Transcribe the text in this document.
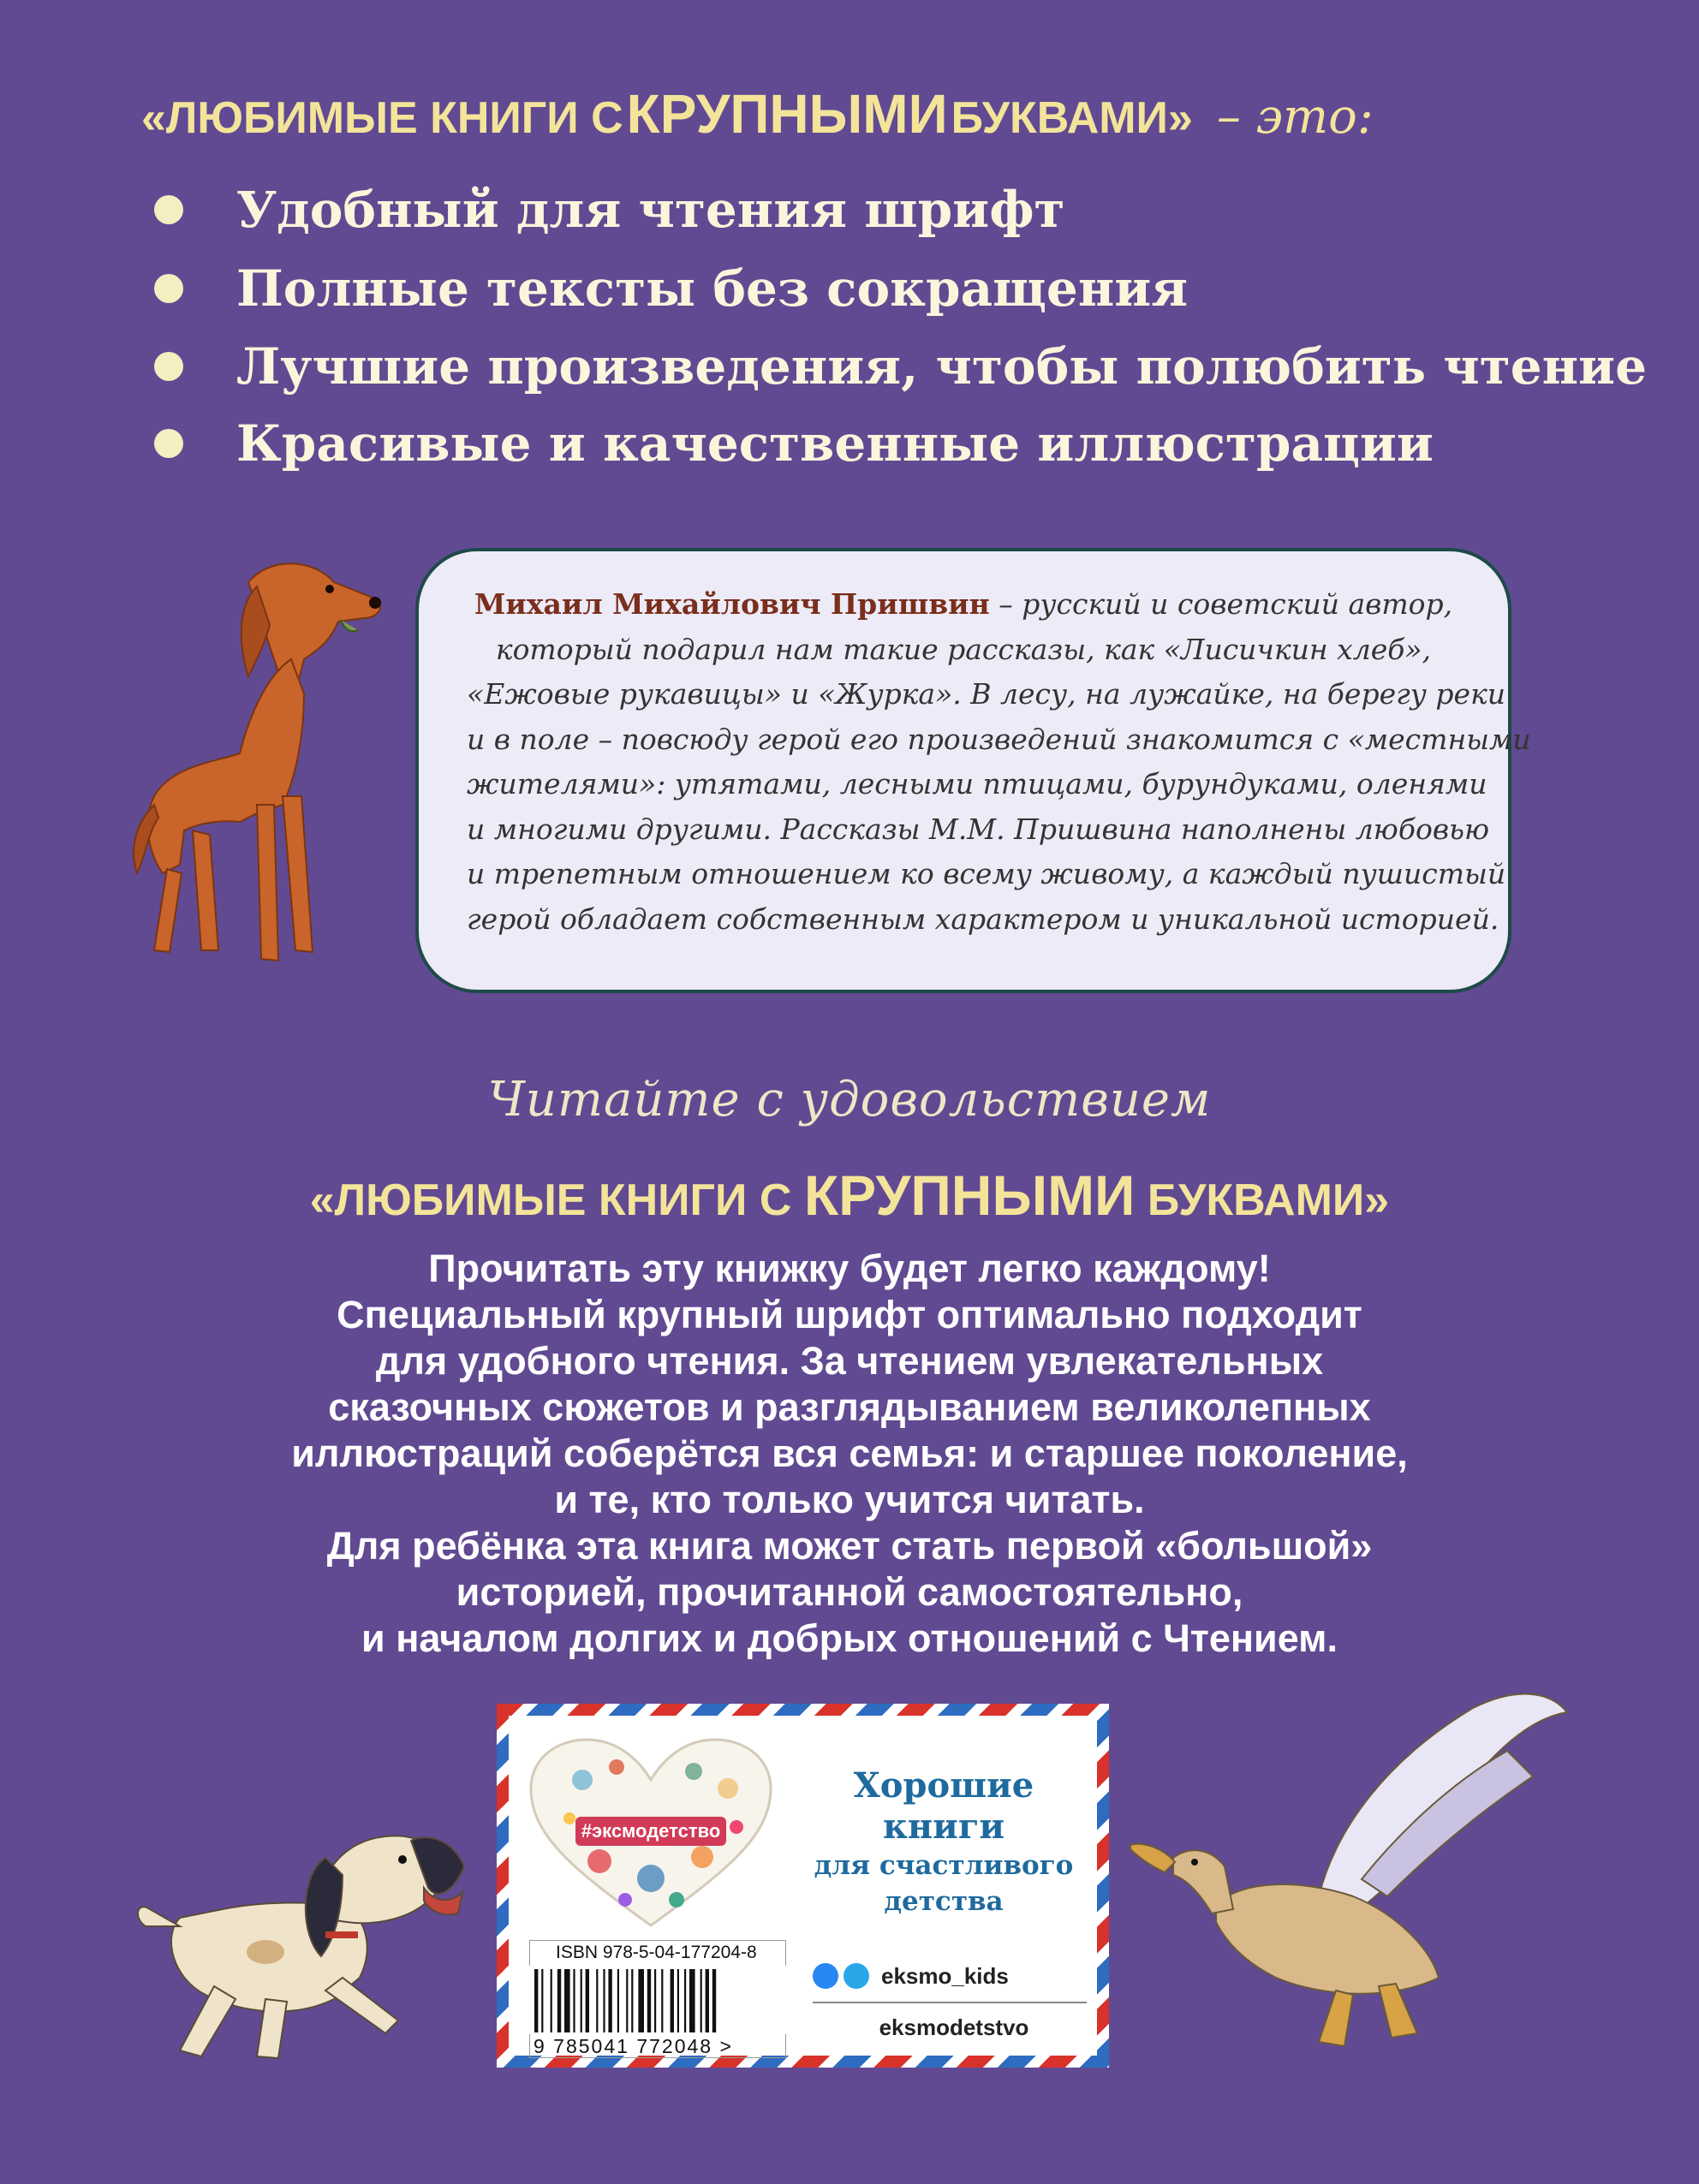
«ЛЮБИМЫЕ КНИГИ С КРУПНЫМИ БУКВАМИ» – это:
Удобный для чтения шрифт
Полные тексты без сокращения
Лучшие произведения, чтобы полюбить чтение
Красивые и качественные иллюстрации
Михаил Михайлович Пришвин – русский и советский автор,
который подарил нам такие рассказы, как «Лисичкин хлеб»,
«Ежовые рукавицы» и «Журка». В лесу, на лужайке, на берегу реки
и в поле – повсюду герой его произведений знакомится с «местными
жителями»: утятами, лесными птицами, бурундуками, оленями
и многими другими. Рассказы М.М. Пришвина наполнены любовью
и трепетным отношением ко всему живому, а каждый пушистый
герой обладает собственным характером и уникальной историей.
Читайте с удовольствием
«ЛЮБИМЫЕ КНИГИ С КРУПНЫМИ БУКВАМИ»
Прочитать эту книжку будет легко каждому!
Специальный крупный шрифт оптимально подходит
для удобного чтения. За чтением увлекательных
сказочных сюжетов и разглядыванием великолепных
иллюстраций соберётся вся семья: и старшее поколение,
и те, кто только учится читать.
Для ребёнка эта книга может стать первой «большой»
историей, прочитанной самостоятельно,
и началом долгих и добрых отношений с Чтением.
#эксмодетство
Хорошие
книги
для счастливого
детства
ISBN 978-5-04-177204-8
9 785041 772048 >
eksmo_kids
eksmodetstvo
